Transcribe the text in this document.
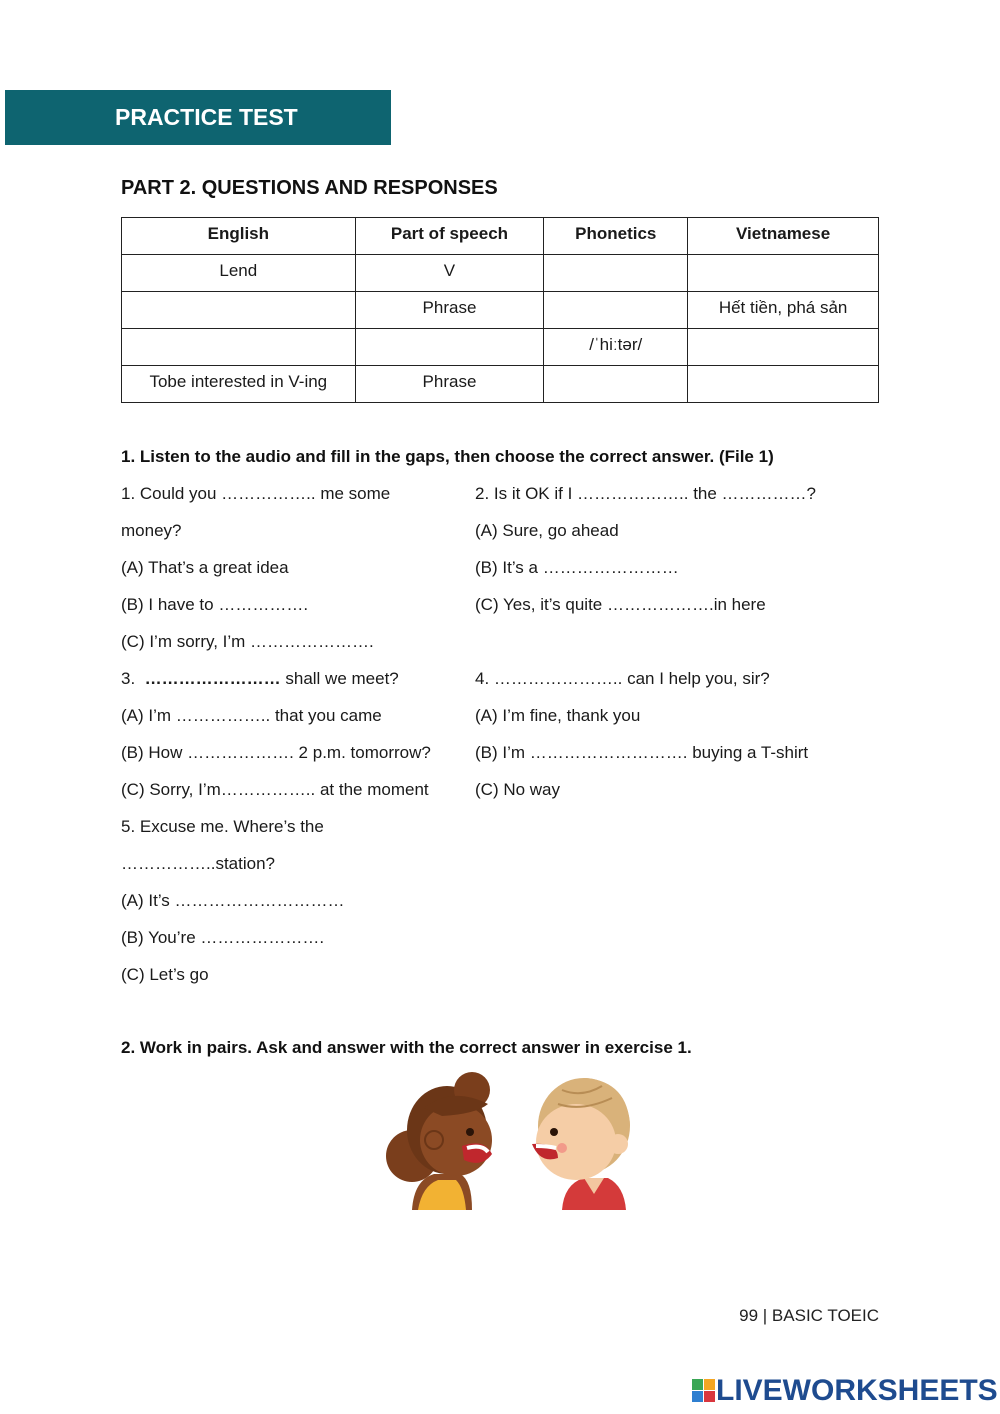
PRACTICE TEST
PART 2. QUESTIONS AND RESPONSES
English	Part of speech	Phonetics	Vietnamese
Lend	V		
	Phrase		Hết tiền, phá sản
		/ˈhiːtər/	
Tobe interested in V-ing	Phrase		
1. Listen to the audio and fill in the gaps, then choose the correct answer. (File 1)
1. Could you …………….. me some
money?
(A) That’s a great idea
(B) I have to …………….
(C) I’m sorry, I’m ………………….
2. Is it OK if I ……………….. the ……………?
(A) Sure, go ahead
(B) It’s a ……………………
(C) Yes, it’s quite ……………….in here
3. …………………… shall we meet?
(A) I’m …………….. that you came
(B) How ………………. 2 p.m. tomorrow?
(C) Sorry, I’m…………….. at the moment
4. ………………….. can I help you, sir?
(A) I’m fine, thank you
(B) I’m ………………………. buying a T-shirt
(C) No way
5. Excuse me. Where’s the
……………..station?
(A) It’s …………………………
(B) You’re ………………….
(C) Let’s go
2. Work in pairs. Ask and answer with the correct answer in exercise 1.
99 | BASIC TOEIC
LIVEWORKSHEETS
